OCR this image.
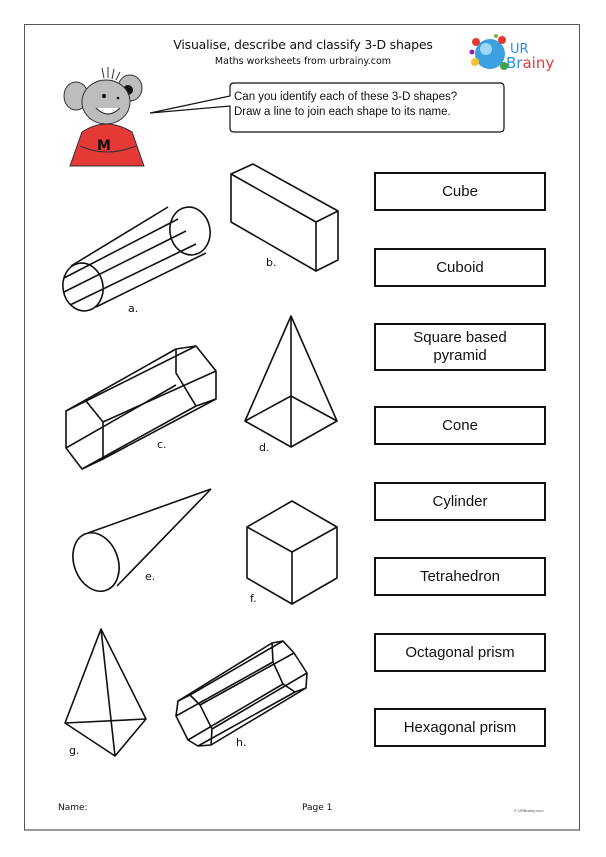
Visualise, describe and classify 3-D shapes
Maths worksheets from urbrainy.com
UR
Brainy
M
Can you identify each of these 3-D shapes?
Draw a line to join each shape to its name.
a.
b.
c.	d.
e.
f.
g.
h.
Cube
Cuboid
Square based
pyramid
Cone
Cylinder
Tetrahedron
Octagonal prism
Hexagonal prism
Name:	Page 1	© URBrainy.com
